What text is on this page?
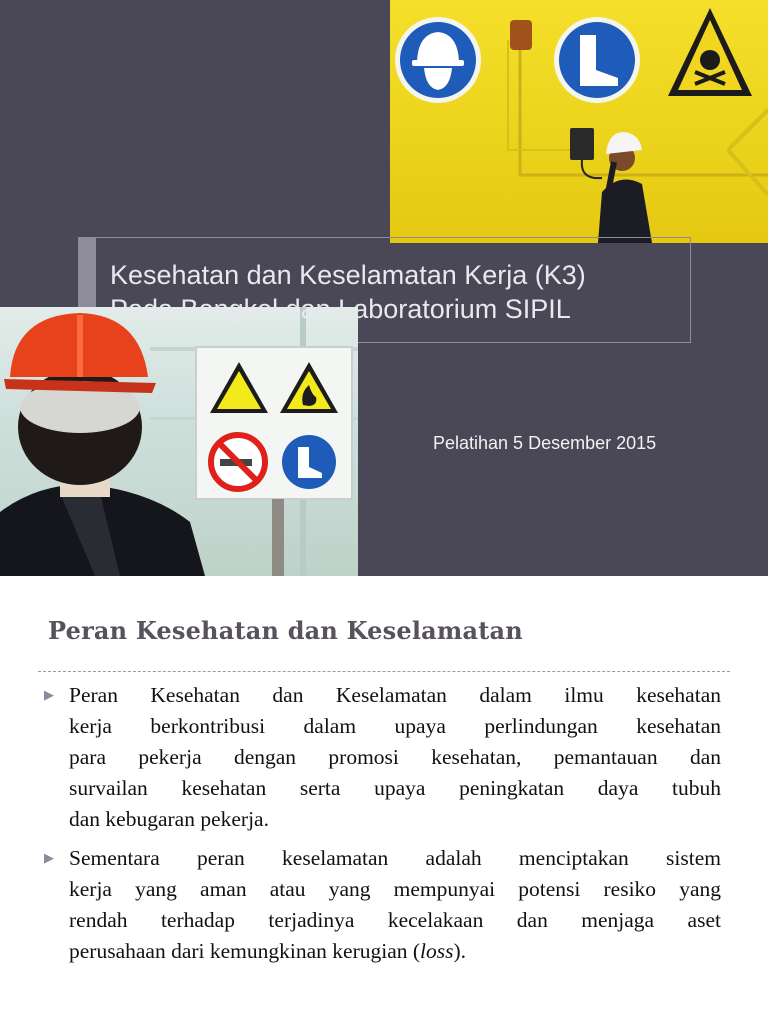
Kesehatan dan Keselamatan Kerja (K3)
Pada Bengkel dan Laboratorium SIPIL
Pelatihan 5 Desember 2015
Peran Kesehatan dan Keselamatan
▶ Peran Kesehatan dan Keselamatan dalam ilmu kesehatan
kerja berkontribusi dalam upaya perlindungan kesehatan
para pekerja dengan promosi kesehatan, pemantauan dan
survailan kesehatan serta upaya peningkatan daya tubuh
dan kebugaran pekerja.
▶ Sementara peran keselamatan adalah menciptakan sistem
kerja yang aman atau yang mempunyai potensi resiko yang
rendah terhadap terjadinya kecelakaan dan menjaga aset
perusahaan dari kemungkinan kerugian (loss).
